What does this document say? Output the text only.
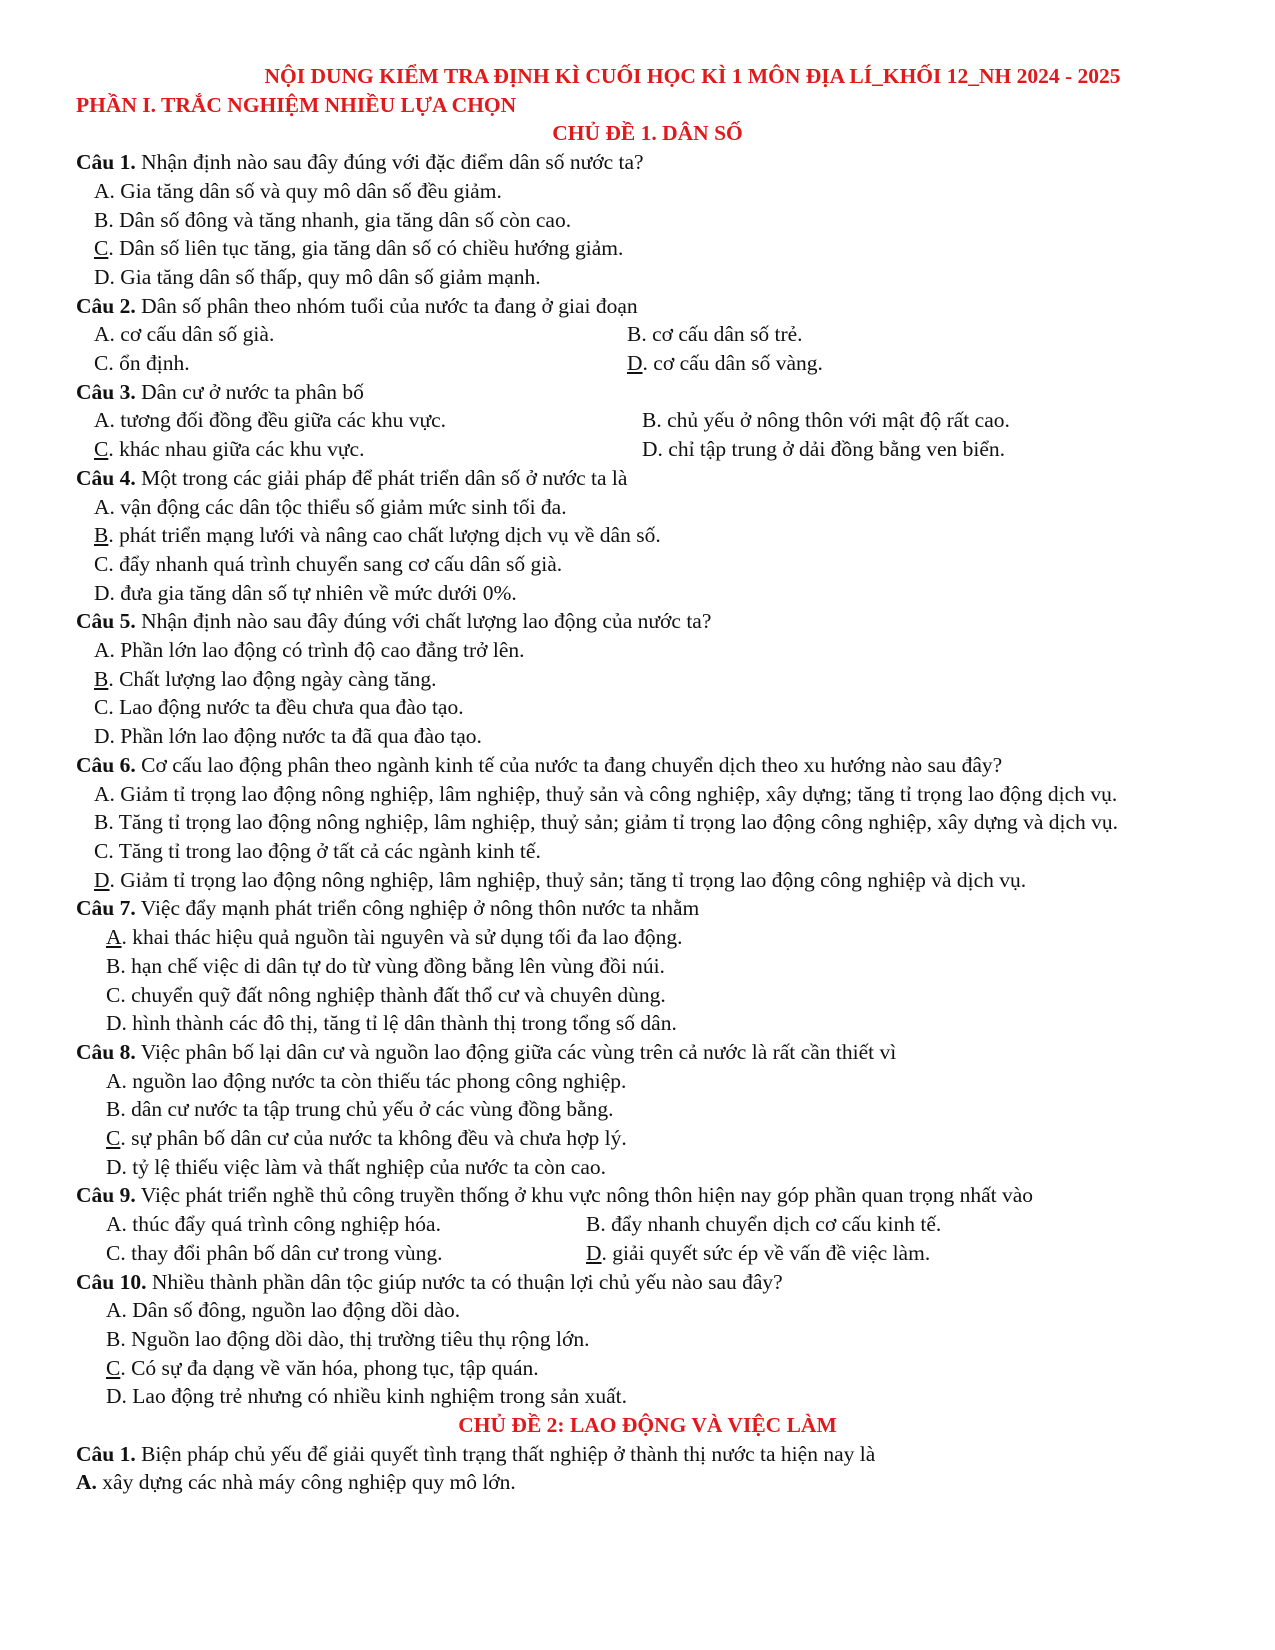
NỘI DUNG KIỂM TRA ĐỊNH KÌ CUỐI HỌC KÌ 1 MÔN ĐỊA LÍ_KHỐI 12_NH 2024 - 2025
PHẦN I. TRẮC NGHIỆM NHIỀU LỰA CHỌN
CHỦ ĐỀ 1. DÂN SỐ
Câu 1. Nhận định nào sau đây đúng với đặc điểm dân số nước ta?
A. Gia tăng dân số và quy mô dân số đều giảm.
B. Dân số đông và tăng nhanh, gia tăng dân số còn cao.
C. Dân số liên tục tăng, gia tăng dân số có chiều hướng giảm.
D. Gia tăng dân số thấp, quy mô dân số giảm mạnh.
Câu 2. Dân số phân theo nhóm tuổi của nước ta đang ở giai đoạn
A. cơ cấu dân số già.	B. cơ cấu dân số trẻ.
C. ổn định.	D. cơ cấu dân số vàng.
Câu 3. Dân cư ở nước ta phân bố
A. tương đối đồng đều giữa các khu vực.	B. chủ yếu ở nông thôn với mật độ rất cao.
C. khác nhau giữa các khu vực.	D. chỉ tập trung ở dải đồng bằng ven biển.
Câu 4. Một trong các giải pháp để phát triển dân số ở nước ta là
A. vận động các dân tộc thiểu số giảm mức sinh tối đa.
B. phát triển mạng lưới và nâng cao chất lượng dịch vụ về dân số.
C. đẩy nhanh quá trình chuyển sang cơ cấu dân số già.
D. đưa gia tăng dân số tự nhiên về mức dưới 0%.
Câu 5. Nhận định nào sau đây đúng với chất lượng lao động của nước ta?
A. Phần lớn lao động có trình độ cao đẳng trở lên.
B. Chất lượng lao động ngày càng tăng.
C. Lao động nước ta đều chưa qua đào tạo.
D. Phần lớn lao động nước ta đã qua đào tạo.
Câu 6. Cơ cấu lao động phân theo ngành kinh tế của nước ta đang chuyển dịch theo xu hướng nào sau đây?
A. Giảm tỉ trọng lao động nông nghiệp, lâm nghiệp, thuỷ sản và công nghiệp, xây dựng; tăng tỉ trọng lao động dịch vụ.
B. Tăng tỉ trọng lao động nông nghiệp, lâm nghiệp, thuỷ sản; giảm tỉ trọng lao động công nghiệp, xây dựng và dịch vụ.
C. Tăng tỉ trong lao động ở tất cả các ngành kinh tế.
D. Giảm tỉ trọng lao động nông nghiệp, lâm nghiệp, thuỷ sản; tăng tỉ trọng lao động công nghiệp và dịch vụ.
Câu 7. Việc đẩy mạnh phát triển công nghiệp ở nông thôn nước ta nhằm
A. khai thác hiệu quả nguồn tài nguyên và sử dụng tối đa lao động.
B. hạn chế việc di dân tự do từ vùng đồng bằng lên vùng đồi núi.
C. chuyển quỹ đất nông nghiệp thành đất thổ cư và chuyên dùng.
D. hình thành các đô thị, tăng tỉ lệ dân thành thị trong tổng số dân.
Câu 8. Việc phân bố lại dân cư và nguồn lao động giữa các vùng trên cả nước là rất cần thiết vì
A. nguồn lao động nước ta còn thiếu tác phong công nghiệp.
B. dân cư nước ta tập trung chủ yếu ở các vùng đồng bằng.
C. sự phân bố dân cư của nước ta không đều và chưa hợp lý.
D. tỷ lệ thiếu việc làm và thất nghiệp của nước ta còn cao.
Câu 9. Việc phát triển nghề thủ công truyền thống ở khu vực nông thôn hiện nay góp phần quan trọng nhất vào
A. thúc đẩy quá trình công nghiệp hóa.	B. đẩy nhanh chuyển dịch cơ cấu kinh tế.
C. thay đổi phân bố dân cư trong vùng.	D. giải quyết sức ép về vấn đề việc làm.
Câu 10. Nhiều thành phần dân tộc giúp nước ta có thuận lợi chủ yếu nào sau đây?
A. Dân số đông, nguồn lao động dồi dào.
B. Nguồn lao động dồi dào, thị trường tiêu thụ rộng lớn.
C. Có sự đa dạng về văn hóa, phong tục, tập quán.
D. Lao động trẻ nhưng có nhiều kinh nghiệm trong sản xuất.
CHỦ ĐỀ 2: LAO ĐỘNG VÀ VIỆC LÀM
Câu 1. Biện pháp chủ yếu để giải quyết tình trạng thất nghiệp ở thành thị nước ta hiện nay là
A. xây dựng các nhà máy công nghiệp quy mô lớn.
